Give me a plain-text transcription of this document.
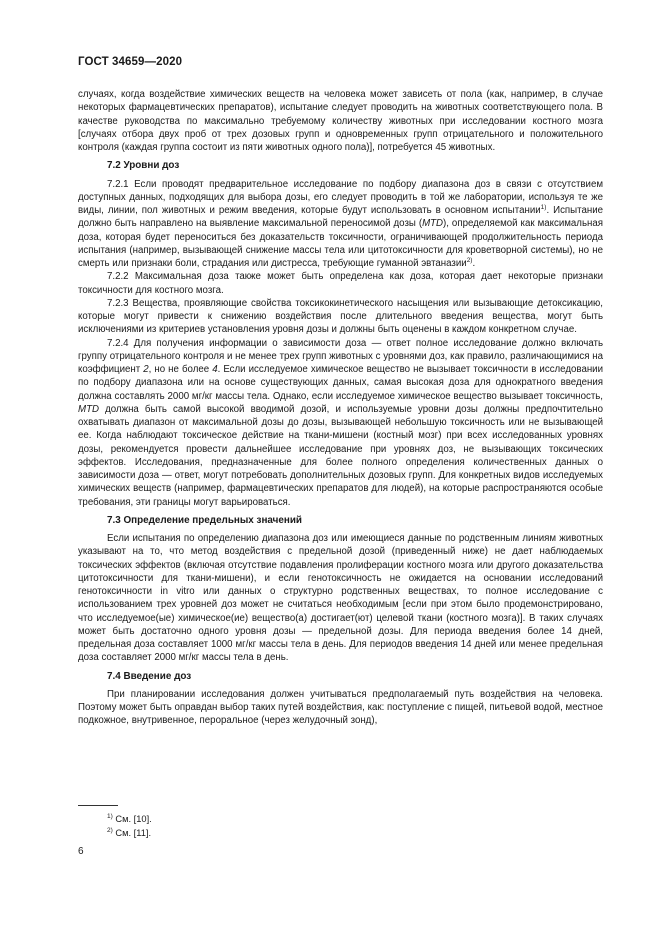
ГОСТ 34659—2020

случаях, когда воздействие химических веществ на человека может зависеть от пола (как, например, в случае некоторых фармацевтических препаратов), испытание следует проводить на животных соответствующего пола. В качестве руководства по максимально требуемому количеству животных при исследовании костного мозга [случаях отбора двух проб от трех дозовых групп и одновременных групп отрицательного и положительного контроля (каждая группа состоит из пяти животных одного пола)], потребуется 45 животных.

7.2 Уровни доз

7.2.1 Если проводят предварительное исследование по подбору диапазона доз в связи с отсутствием доступных данных, подходящих для выбора дозы, его следует проводить в той же лаборатории, используя те же виды, линии, пол животных и режим введения, которые будут использовать в основном испытании$^{1)}$. Испытание должно быть направлено на выявление максимальной переносимой дозы (MTD), определяемой как максимальная доза, которая будет переноситься без доказательств токсичности, ограничивающей продолжительность периода испытания (например, вызывающей снижение массы тела или цитотоксичности для кроветворной системы), но не смерть или признаки боли, страдания или дистресса, требующие гуманной эвтаназии$^{2)}$.

7.2.2 Максимальная доза также может быть определена как доза, которая дает некоторые признаки токсичности для костного мозга.

7.2.3 Вещества, проявляющие свойства токсикокинетического насыщения или вызывающие детоксикацию, которые могут привести к снижению воздействия после длительного введения вещества, могут быть исключениями из критериев установления уровня дозы и должны быть оценены в каждом конкретном случае.

7.2.4 Для получения информации о зависимости доза — ответ полное исследование должно включать группу отрицательного контроля и не менее трех групп животных с уровнями доз, как правило, различающимися на коэффициент 2, но не более 4. Если исследуемое химическое вещество не вызывает токсичности в исследовании по подбору диапазона или на основе существующих данных, самая высокая доза для однократного введения должна составлять 2000 мг/кг массы тела. Однако, если исследуемое химическое вещество вызывает токсичность, MTD должна быть самой высокой вводимой дозой, и используемые уровни дозы должны предпочтительно охватывать диапазон от максимальной дозы до дозы, вызывающей небольшую токсичность или не вызывающей ее. Когда наблюдают токсическое действие на ткани-мишени (костный мозг) при всех исследованных уровнях дозы, рекомендуется провести дальнейшее исследование при уровнях доз, не вызывающих токсических эффектов. Исследования, предназначенные для более полного определения количественных данных о зависимости доза — ответ, могут потребовать дополнительных дозовых групп. Для конкретных видов исследуемых химических веществ (например, фармацевтических препаратов для людей), на которые распространяются особые требования, эти границы могут варьироваться.

7.3 Определение предельных значений

Если испытания по определению диапазона доз или имеющиеся данные по родственным линиям животных указывают на то, что метод воздействия с предельной дозой (приведенный ниже) не дает наблюдаемых токсических эффектов (включая отсутствие подавления пролиферации костного мозга или другого доказательства цитотоксичности для ткани-мишени), и если генотоксичность не ожидается на основании исследований генотоксичности in vitro или данных о структурно родственных веществах, то полное исследование с использованием трех уровней доз может не считаться необходимым [если при этом было продемонстрировано, что исследуемое(ые) химическое(ие) вещество(а) достигает(ют) целевой ткани (костного мозга)]. В таких случаях может быть достаточно одного уровня дозы — предельной дозы. Для периода введения более 14 дней, предельная доза составляет 1000 мг/кг массы тела в день. Для периодов введения 14 дней или менее предельная доза составляет 2000 мг/кг массы тела в день.

7.4 Введение доз

При планировании исследования должен учитываться предполагаемый путь воздействия на человека. Поэтому может быть оправдан выбор таких путей воздействия, как: поступление с пищей, питьевой водой, местное подкожное, внутривенное, пероральное (через желудочный зонд),

$^{1)}$ См. [10].
$^{2)}$ См. [11].
6
